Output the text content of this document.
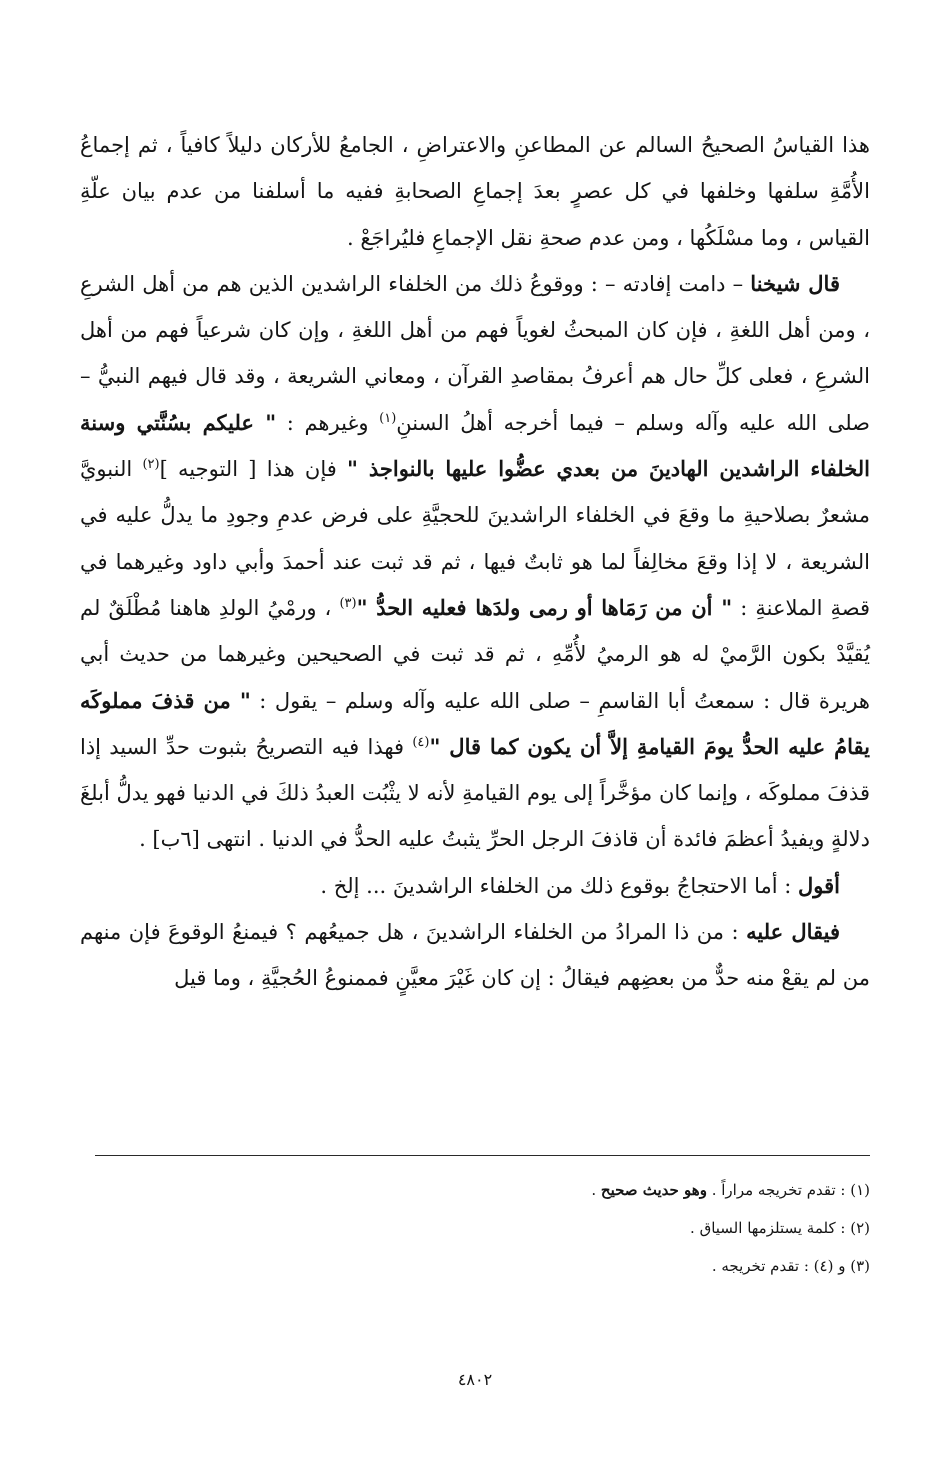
هذا القياسُ الصحيحُ السالم عن المطاعنِ والاعتراضِ ، الجامعُ للأركان دليلاً كافياً ، ثم إجماعُ الأُمَّةِ سلفها وخلفها في كل عصرٍ بعدَ إجماعِ الصحابةِ ففيه ما أسلفنا من عدم بيان علّةِ القياس ، وما مسْلَكُها ، ومن عدم صحةِ نقل الإجماعِ فليُراجَعْ .

قال شيخنا – دامت إفادته – : ووقوعُ ذلك من الخلفاء الراشدين الذين هم من أهل الشرعِ ، ومن أهل اللغةِ ، فإن كان المبحثُ لغوياً فهم من أهل اللغةِ ، وإن كان شرعياً فهم من أهل الشرعِ ، فعلى كلِّ حال هم أعرفُ بمقاصدِ القرآن ، ومعاني الشريعة ، وقد قال فيهم النبيُّ – صلى الله عليه وآله وسلم – فيما أخرجه أهلُ السننِ$^{(١)}$ وغيرهم : " عليكم بسُنَّتي وسنة الخلفاء الراشدين الهادينَ من بعدي عضُّوا عليها بالنواجذ " فإن هذا [ التوجيه ]$^{(٢)}$ النبويَّ مشعرٌ بصلاحيةِ ما وقعَ في الخلفاء الراشدينَ للحجيَّةِ على فرض عدمِ وجودِ ما يدلُّ عليه في الشريعة ، لا إذا وقعَ مخالِفاً لما هو ثابتٌ فيها ، ثم قد ثبت عند أحمدَ وأبي داود وغيرهما في قصةِ الملاعنةِ : " أن من رَمَاها أو رمى ولدَها فعليه الحدُّ "$^{(٣)}$ ، ورمْيُ الولدِ هاهنا مُطْلَقٌ لم يُقيَّدْ بكون الرَّميْ له هو الرميُ لأُمِّهِ ، ثم قد ثبت في الصحيحين وغيرهما من حديث أبي هريرة قال : سمعتُ أبا القاسمِ – صلى الله عليه وآله وسلم – يقول : " من قذفَ مملوكَه يقامُ عليه الحدُّ يومَ القيامةِ إلاَّ أن يكون كما قال "$^{(٤)}$ فهذا فيه التصريحُ بثبوت حدِّ السيد إذا قذفَ مملوكَه ، وإنما كان مؤخَّراً إلى يوم القيامةِ لأنه لا يثْبُت العبدُ ذلكَ في الدنيا فهو يدلُّ أبلغَ دلالةٍ ويفيدُ أعظمَ فائدة أن قاذفَ الرجل الحرِّ يثبتُ عليه الحدُّ في الدنيا . انتهى [٦ب] .

أقول : أما الاحتجاجُ بوقوع ذلك من الخلفاء الراشدينَ ... إلخ .

فيقال عليه : من ذا المرادُ من الخلفاء الراشدينَ ، هل جميعُهم ؟ فيمنعُ الوقوعَ فإن منهم من لم يقعْ منه حدٌّ من بعضِهم فيقالُ : إن كان غَيْرَ معيَّنٍ فممنوعُ الحُجيَّةِ ، وما قيل

(١) : تقدم تخريجه مراراً . وهو حديث صحيح .

(٢) : كلمة يستلزمها السياق .

(٣) و (٤) : تقدم تخريجه .

٤٨٠٢
